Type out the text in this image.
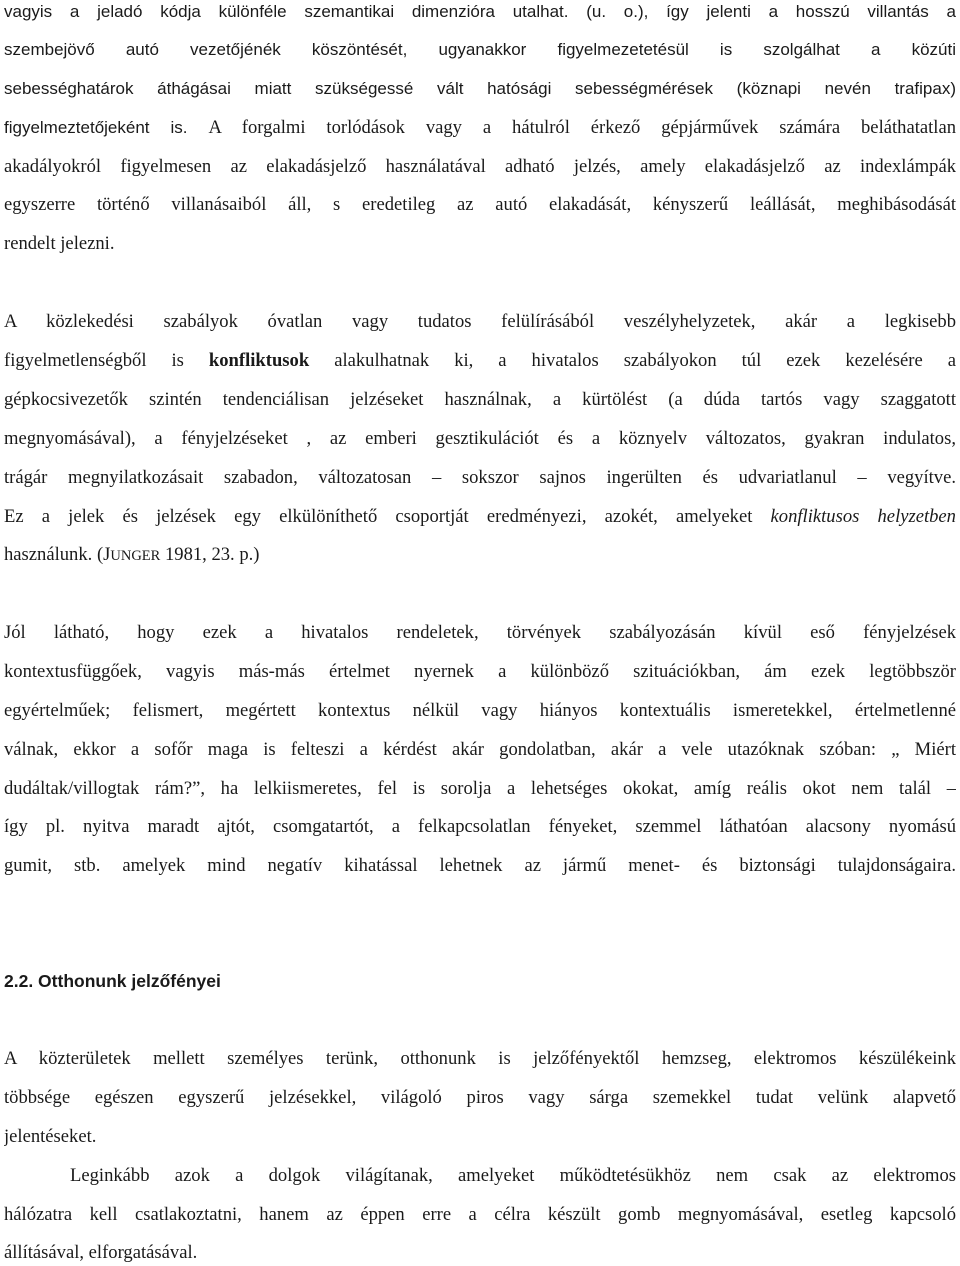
vagyis a jeladó kódja különféle szemantikai dimenzióra utalhat. (u. o.), így jelenti a hosszú villantás a
szembejövő autó vezetőjénék köszöntését, ugyanakkor figyelmezetetésül is szolgálhat a közúti
sebességhatárok áthágásai miatt szükségessé vált hatósági sebességmérések (köznapi nevén trafipax)
figyelmeztetőjeként is. A forgalmi torlódások vagy a hátulról érkező gépjárművek számára beláthatatlan
akadályokról figyelmesen az elakadásjelző használatával adható jelzés, amely elakadásjelző az indexlámpák
egyszerre történő villanásaiból áll, s eredetileg az autó elakadását, kényszerű leállását, meghibásodását
rendelt jelezni.
A közlekedési szabályok óvatlan vagy tudatos felülírásából veszélyhelyzetek, akár a legkisebb
figyelmetlenségből is konfliktusok alakulhatnak ki, a hivatalos szabályokon túl ezek kezelésére a
gépkocsivezetők szintén tendenciálisan jelzéseket használnak, a kürtölést (a dúda tartós vagy szaggatott
megnyomásával), a fényjelzéseket , az emberi gesztikulációt és a köznyelv változatos, gyakran indulatos,
trágár megnyilatkozásait szabadon, változatosan – sokszor sajnos ingerülten és udvariatlanul – vegyítve.
Ez a jelek és jelzések egy elkülöníthető csoportját eredményezi, azokét, amelyeket konfliktusos helyzetben
használunk. (JUNGER 1981, 23. p.)
Jól látható, hogy ezek a hivatalos rendeletek, törvények szabályozásán kívül eső fényjelzések
kontextusfüggőek, vagyis más-más értelmet nyernek a különböző szituációkban, ám ezek legtöbbször
egyértelműek; felismert, megértett kontextus nélkül vagy hiányos kontextuális ismeretekkel, értelmetlenné
válnak, ekkor a sofőr maga is felteszi a kérdést akár gondolatban, akár a vele utazóknak szóban: „ Miért
dudáltak/villogtak rám?”, ha lelkiismeretes, fel is sorolja a lehetséges okokat, amíg reális okot nem talál –
így pl. nyitva maradt ajtót, csomgatartót, a felkapcsolatlan fényeket, szemmel láthatóan alacsony nyomású
gumit, stb. amelyek mind negatív kihatással lehetnek az jármű menet- és biztonsági tulajdonságaira.
2.2. Otthonunk jelzőfényei
A közterületek mellett személyes terünk, otthonunk is jelzőfényektől hemzseg, elektromos készülékeink
többsége egészen egyszerű jelzésekkel, világoló piros vagy sárga szemekkel tudat velünk alapvető
jelentéseket.
Leginkább azok a dolgok világítanak, amelyeket működtetésükhöz nem csak az elektromos
hálózatra kell csatlakoztatni, hanem az éppen erre a célra készült gomb megnyomásával, esetleg kapcsoló
állításával, elforgatásával.
